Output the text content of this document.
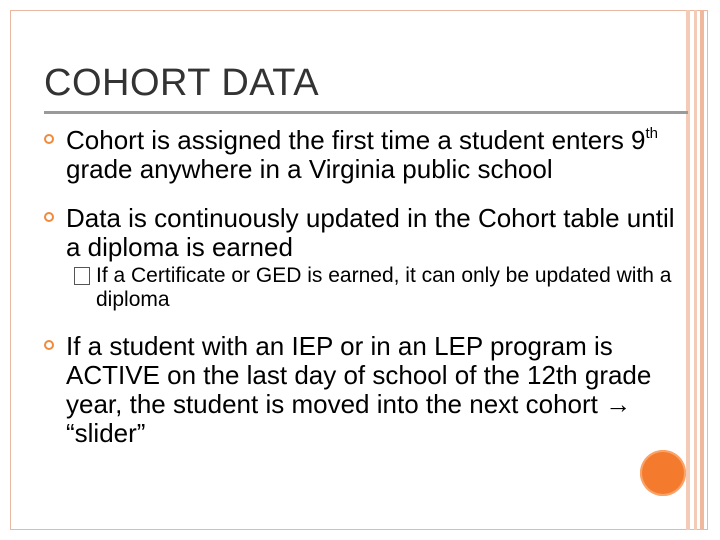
COHORT DATA
Cohort is assigned the first time a student enters 9th grade anywhere in a Virginia public school
Data is continuously updated in the Cohort table until a diploma is earned
If a Certificate or GED is earned, it can only be updated with a diploma
If a student with an IEP or in an LEP program is ACTIVE on the last day of school of the 12th grade year, the student is moved into the next cohort → “slider”
